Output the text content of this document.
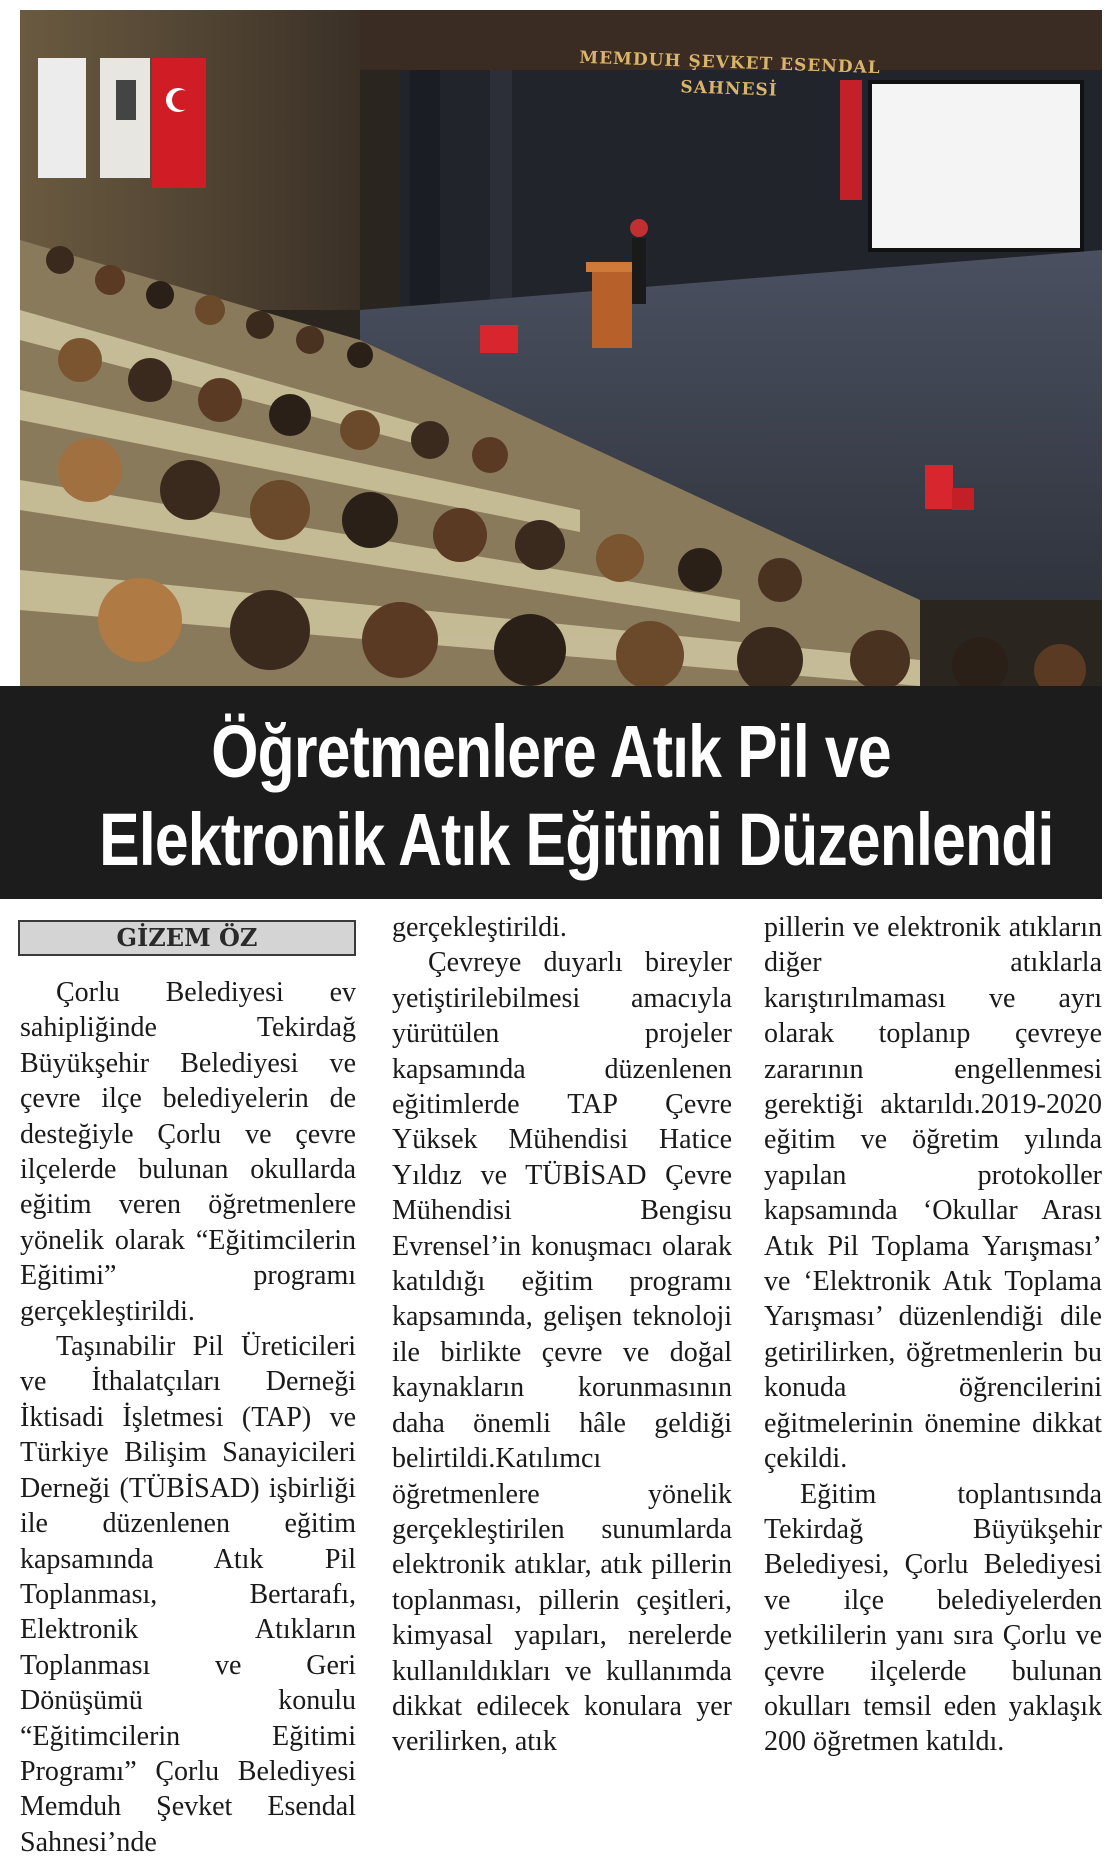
MEMDUH ŞEVKET ESENDAL SAHNESİ
Öğretmenlere Atık Pil ve
Elektronik Atık Eğitimi Düzenlendi
GİZEM ÖZ

Çorlu Belediyesi ev sahipliğinde Tekirdağ Büyükşehir Belediyesi ve çevre ilçe belediyelerin de desteğiyle Çorlu ve çevre ilçelerde bulunan okullarda eğitim veren öğretmenlere yönelik olarak “Eğitimcilerin Eğitimi” programı gerçekleştirildi.

Taşınabilir Pil Üreticileri ve İthalatçıları Derneği İktisadi İşletmesi (TAP) ve Türkiye Bilişim Sanayicileri Derneği (TÜBİSAD) işbirliği ile düzenlenen eğitim kapsamında Atık Pil Toplanması, Bertarafı, Elektronik Atıkların Toplanması ve Geri Dönüşümü konulu “Eğitimcilerin Eğitimi Programı” Çorlu Belediyesi Memduh Şevket Esendal Sahnesi’nde

gerçekleştirildi.

Çevreye duyarlı bireyler yetiştirilebilmesi amacıyla yürütülen projeler kapsamında düzenlenen eğitimlerde TAP Çevre Yüksek Mühendisi Hatice Yıldız ve TÜBİSAD Çevre Mühendisi Bengisu Evrensel’in konuşmacı olarak katıldığı eğitim programı kapsamında, gelişen teknoloji ile birlikte çevre ve doğal kaynakların korunmasının daha önemli hâle geldiği belirtildi.Katılımcı öğretmenlere yönelik gerçekleştirilen sunumlarda elektronik atıklar, atık pillerin toplanması, pillerin çeşitleri, kimyasal yapıları, nerelerde kullanıldıkları ve kullanımda dikkat edilecek konulara yer verilirken, atık

pillerin ve elektronik atıkların diğer atıklarla karıştırılmaması ve ayrı olarak toplanıp çevreye zararının engellenmesi gerektiği aktarıldı.2019-2020 eğitim ve öğretim yılında yapılan protokoller kapsamında ‘Okullar Arası Atık Pil Toplama Yarışması’ ve ‘Elektronik Atık Toplama Yarışması’ düzenlendiği dile getirilirken, öğretmenlerin bu konuda öğrencilerini eğitmelerinin önemine dikkat çekildi.

Eğitim toplantısında Tekirdağ Büyükşehir Belediyesi, Çorlu Belediyesi ve ilçe belediyelerden yetkililerin yanı sıra Çorlu ve çevre ilçelerde bulunan okulları temsil eden yaklaşık 200 öğretmen katıldı.
